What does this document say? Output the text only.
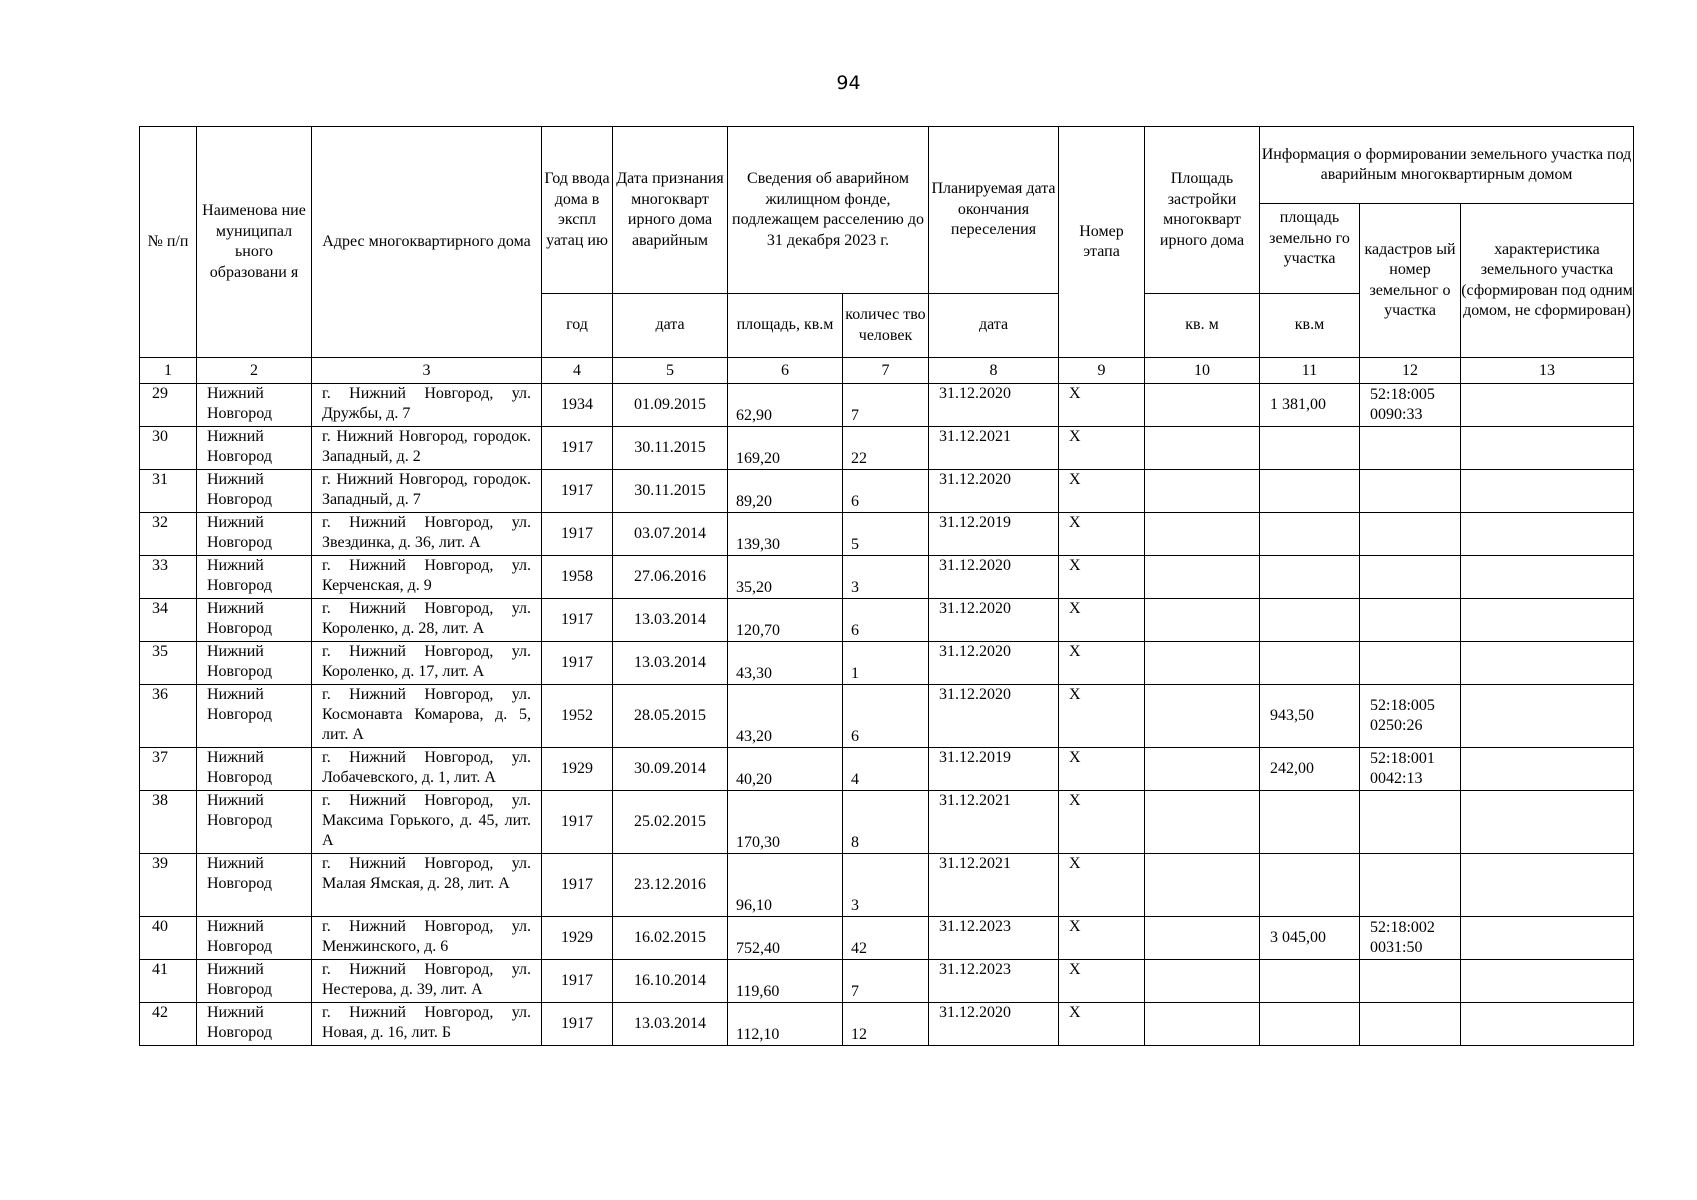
94
№ п/п	Наименова ние муниципал ьного образовани я	Адрес многоквартирного дома	Год ввода дома в экспл уатац ию	Дата признания многокварт ирного дома аварийным	Сведения об аварийном жилищном фонде, подлежащем расселению до 31 декабря 2023 г.		Планируемая дата окончания переселения	Номер этапа	Площадь застройки многокварт ирного дома	Информация о формировании земельного участка под аварийным многоквартирным домом		
										площадь земельно го участка	кадастров ый номер земельног о участка	характеристика земельного участка (сформирован под одним домом, не сформирован)
			год	дата	площадь, кв.м	количес тво человек	дата		кв. м	кв.м		
1	2	3	4	5	6	7	8	9	10	11	12	13
29	Нижний Новгород	г. Нижний Новгород, ул. Дружбы, д. 7	1934	01.09.2015	62,90	7	31.12.2020	Х		1 381,00	52:18:005 0090:33	
30	Нижний Новгород	г. Нижний Новгород, городок. Западный, д. 2	1917	30.11.2015	169,20	22	31.12.2021	Х				
31	Нижний Новгород	г. Нижний Новгород, городок. Западный, д. 7	1917	30.11.2015	89,20	6	31.12.2020	Х				
32	Нижний Новгород	г. Нижний Новгород, ул. Звездинка, д. 36, лит. А	1917	03.07.2014	139,30	5	31.12.2019	Х				
33	Нижний Новгород	г. Нижний Новгород, ул. Керченская, д. 9	1958	27.06.2016	35,20	3	31.12.2020	Х				
34	Нижний Новгород	г. Нижний Новгород, ул. Короленко, д. 28, лит. А	1917	13.03.2014	120,70	6	31.12.2020	Х				
35	Нижний Новгород	г. Нижний Новгород, ул. Короленко, д. 17, лит. А	1917	13.03.2014	43,30	1	31.12.2020	Х				
36	Нижний Новгород	г. Нижний Новгород, ул. Космонавта Комарова, д. 5, лит. А	1952	28.05.2015	43,20	6	31.12.2020	Х		943,50	52:18:005 0250:26	
37	Нижний Новгород	г. Нижний Новгород, ул. Лобачевского, д. 1, лит. А	1929	30.09.2014	40,20	4	31.12.2019	Х		242,00	52:18:001 0042:13	
38	Нижний Новгород	г. Нижний Новгород, ул. Максима Горького, д. 45, лит. А	1917	25.02.2015	170,30	8	31.12.2021	Х				
39	Нижний Новгород	г. Нижний Новгород, ул. Малая Ямская, д. 28, лит. А	1917	23.12.2016	96,10	3	31.12.2021	Х				
40	Нижний Новгород	г. Нижний Новгород, ул. Менжинского, д. 6	1929	16.02.2015	752,40	42	31.12.2023	Х		3 045,00	52:18:002 0031:50	
41	Нижний Новгород	г. Нижний Новгород, ул. Нестерова, д. 39, лит. А	1917	16.10.2014	119,60	7	31.12.2023	Х				
42	Нижний Новгород	г. Нижний Новгород, ул. Новая, д. 16, лит. Б	1917	13.03.2014	112,10	12	31.12.2020	Х				
